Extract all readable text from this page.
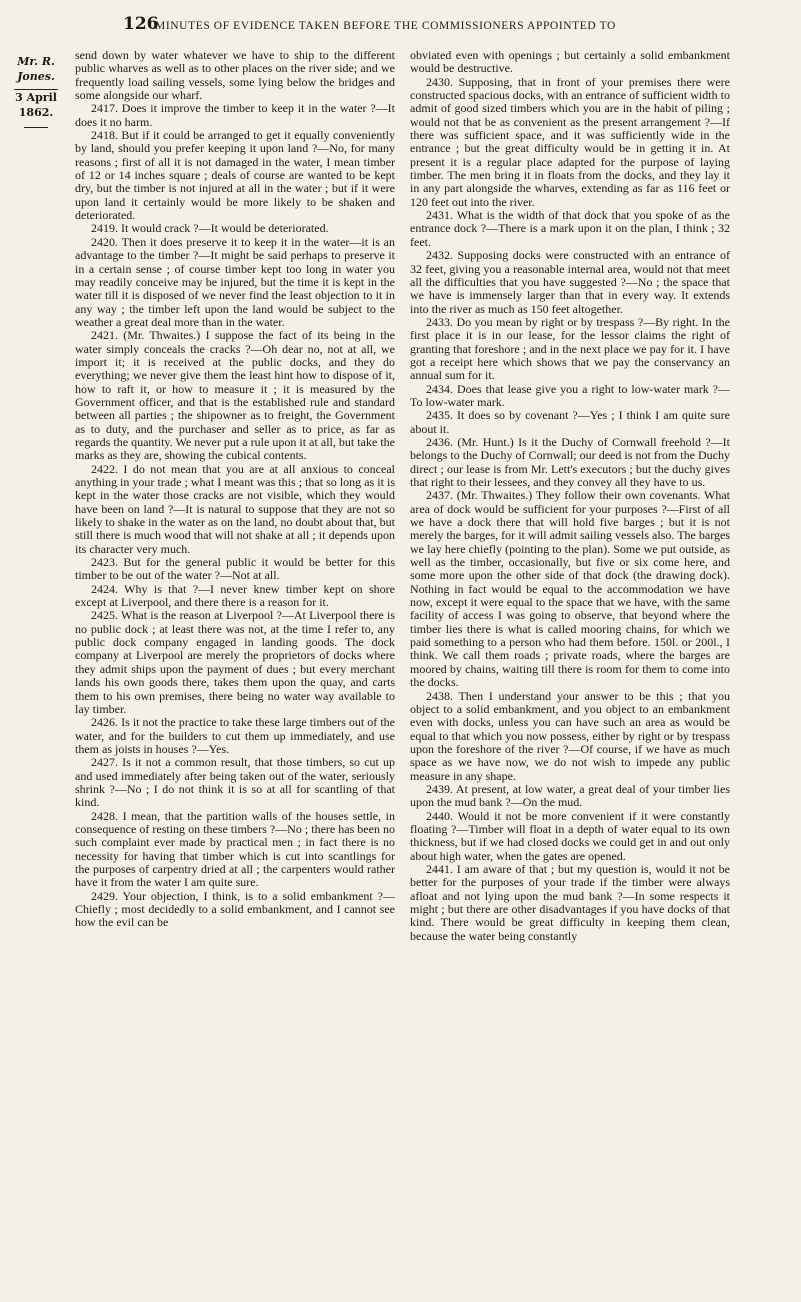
126
MINUTES OF EVIDENCE TAKEN BEFORE THE COMMISSIONERS APPOINTED TO
Mr. R. Jones.
3 April 1862.

send down by water whatever we have to ship to the different public wharves as well as to other places on the river side; and we frequently load sailing vessels, some lying below the bridges and some alongside our wharf.

2417. Does it improve the timber to keep it in the water ?—It does it no harm.

2418. But if it could be arranged to get it equally conveniently by land, should you prefer keeping it upon land ?—No, for many reasons ; first of all it is not damaged in the water, I mean timber of 12 or 14 inches square ; deals of course are wanted to be kept dry, but the timber is not injured at all in the water ; but if it were upon land it certainly would be more likely to be shaken and deteriorated.

2419. It would crack ?—It would be deteriorated.

2420. Then it does preserve it to keep it in the water—it is an advantage to the timber ?—It might be said perhaps to preserve it in a certain sense ; of course timber kept too long in water you may readily conceive may be injured, but the time it is kept in the water till it is disposed of we never find the least objection to it in any way ; the timber left upon the land would be subject to the weather a great deal more than in the water.

2421. (Mr. Thwaites.) I suppose the fact of its being in the water simply conceals the cracks ?—Oh dear no, not at all, we import it; it is received at the public docks, and they do everything; we never give them the least hint how to dispose of it, how to raft it, or how to measure it ; it is measured by the Government officer, and that is the established rule and standard between all parties ; the shipowner as to freight, the Government as to duty, and the purchaser and seller as to price, as far as regards the quantity. We never put a rule upon it at all, but take the marks as they are, showing the cubical contents.

2422. I do not mean that you are at all anxious to conceal anything in your trade ; what I meant was this ; that so long as it is kept in the water those cracks are not visible, which they would have been on land ?—It is natural to suppose that they are not so likely to shake in the water as on the land, no doubt about that, but still there is much wood that will not shake at all ; it depends upon its character very much.

2423. But for the general public it would be better for this timber to be out of the water ?—Not at all.

2424. Why is that ?—I never knew timber kept on shore except at Liverpool, and there there is a reason for it.

2425. What is the reason at Liverpool ?—At Liverpool there is no public dock ; at least there was not, at the time I refer to, any public dock company engaged in landing goods. The dock company at Liverpool are merely the proprietors of docks where they admit ships upon the payment of dues ; but every merchant lands his own goods there, takes them upon the quay, and carts them to his own premises, there being no water way available to lay timber.

2426. Is it not the practice to take these large timbers out of the water, and for the builders to cut them up immediately, and use them as joists in houses ?—Yes.

2427. Is it not a common result, that those timbers, so cut up and used immediately after being taken out of the water, seriously shrink ?—No ; I do not think it is so at all for scantling of that kind.

2428. I mean, that the partition walls of the houses settle, in consequence of resting on these timbers ?—No ; there has been no such complaint ever made by practical men ; in fact there is no necessity for having that timber which is cut into scantlings for the purposes of carpentry dried at all ; the carpenters would rather have it from the water I am quite sure.

2429. Your objection, I think, is to a solid embankment ?—Chiefly ; most decidedly to a solid embankment, and I cannot see how the evil can be

obviated even with openings ; but certainly a solid embankment would be destructive.

2430. Supposing, that in front of your premises there were constructed spacious docks, with an entrance of sufficient width to admit of good sized timbers which you are in the habit of piling ; would not that be as convenient as the present arrangement ?—If there was sufficient space, and it was sufficiently wide in the entrance ; but the great difficulty would be in getting it in. At present it is a regular place adapted for the purpose of laying timber. The men bring it in floats from the docks, and they lay it in any part alongside the wharves, extending as far as 116 feet or 120 feet out into the river.

2431. What is the width of that dock that you spoke of as the entrance dock ?—There is a mark upon it on the plan, I think ; 32 feet.

2432. Supposing docks were constructed with an entrance of 32 feet, giving you a reasonable internal area, would not that meet all the difficulties that you have suggested ?—No ; the space that we have is immensely larger than that in every way. It extends into the river as much as 150 feet altogether.

2433. Do you mean by right or by trespass ?—By right. In the first place it is in our lease, for the lessor claims the right of granting that foreshore ; and in the next place we pay for it. I have got a receipt here which shows that we pay the conservancy an annual sum for it.

2434. Does that lease give you a right to low-water mark ?—To low-water mark.

2435. It does so by covenant ?—Yes ; I think I am quite sure about it.

2436. (Mr. Hunt.) Is it the Duchy of Cornwall freehold ?—It belongs to the Duchy of Cornwall; our deed is not from the Duchy direct ; our lease is from Mr. Lett's executors ; but the duchy gives that right to their lessees, and they convey all they have to us.

2437. (Mr. Thwaites.) They follow their own covenants. What area of dock would be sufficient for your purposes ?—First of all we have a dock there that will hold five barges ; but it is not merely the barges, for it will admit sailing vessels also. The barges we lay here chiefly (pointing to the plan). Some we put outside, as well as the timber, occasionally, but five or six come here, and some more upon the other side of that dock (the drawing dock). Nothing in fact would be equal to the accommodation we have now, except it were equal to the space that we have, with the same facility of access I was going to observe, that beyond where the timber lies there is what is called mooring chains, for which we paid something to a person who had them before. 150l. or 200l., I think. We call them roads ; private roads, where the barges are moored by chains, waiting till there is room for them to come into the docks.

2438. Then I understand your answer to be this ; that you object to a solid embankment, and you object to an embankment even with docks, unless you can have such an area as would be equal to that which you now possess, either by right or by trespass upon the foreshore of the river ?—Of course, if we have as much space as we have now, we do not wish to impede any public measure in any shape.

2439. At present, at low water, a great deal of your timber lies upon the mud bank ?—On the mud.

2440. Would it not be more convenient if it were constantly floating ?—Timber will float in a depth of water equal to its own thickness, but if we had closed docks we could get in and out only about high water, when the gates are opened.

2441. I am aware of that ; but my question is, would it not be better for the purposes of your trade if the timber were always afloat and not lying upon the mud bank ?—In some respects it might ; but there are other disadvantages if you have docks of that kind. There would be great difficulty in keeping them clean, because the water being constantly
